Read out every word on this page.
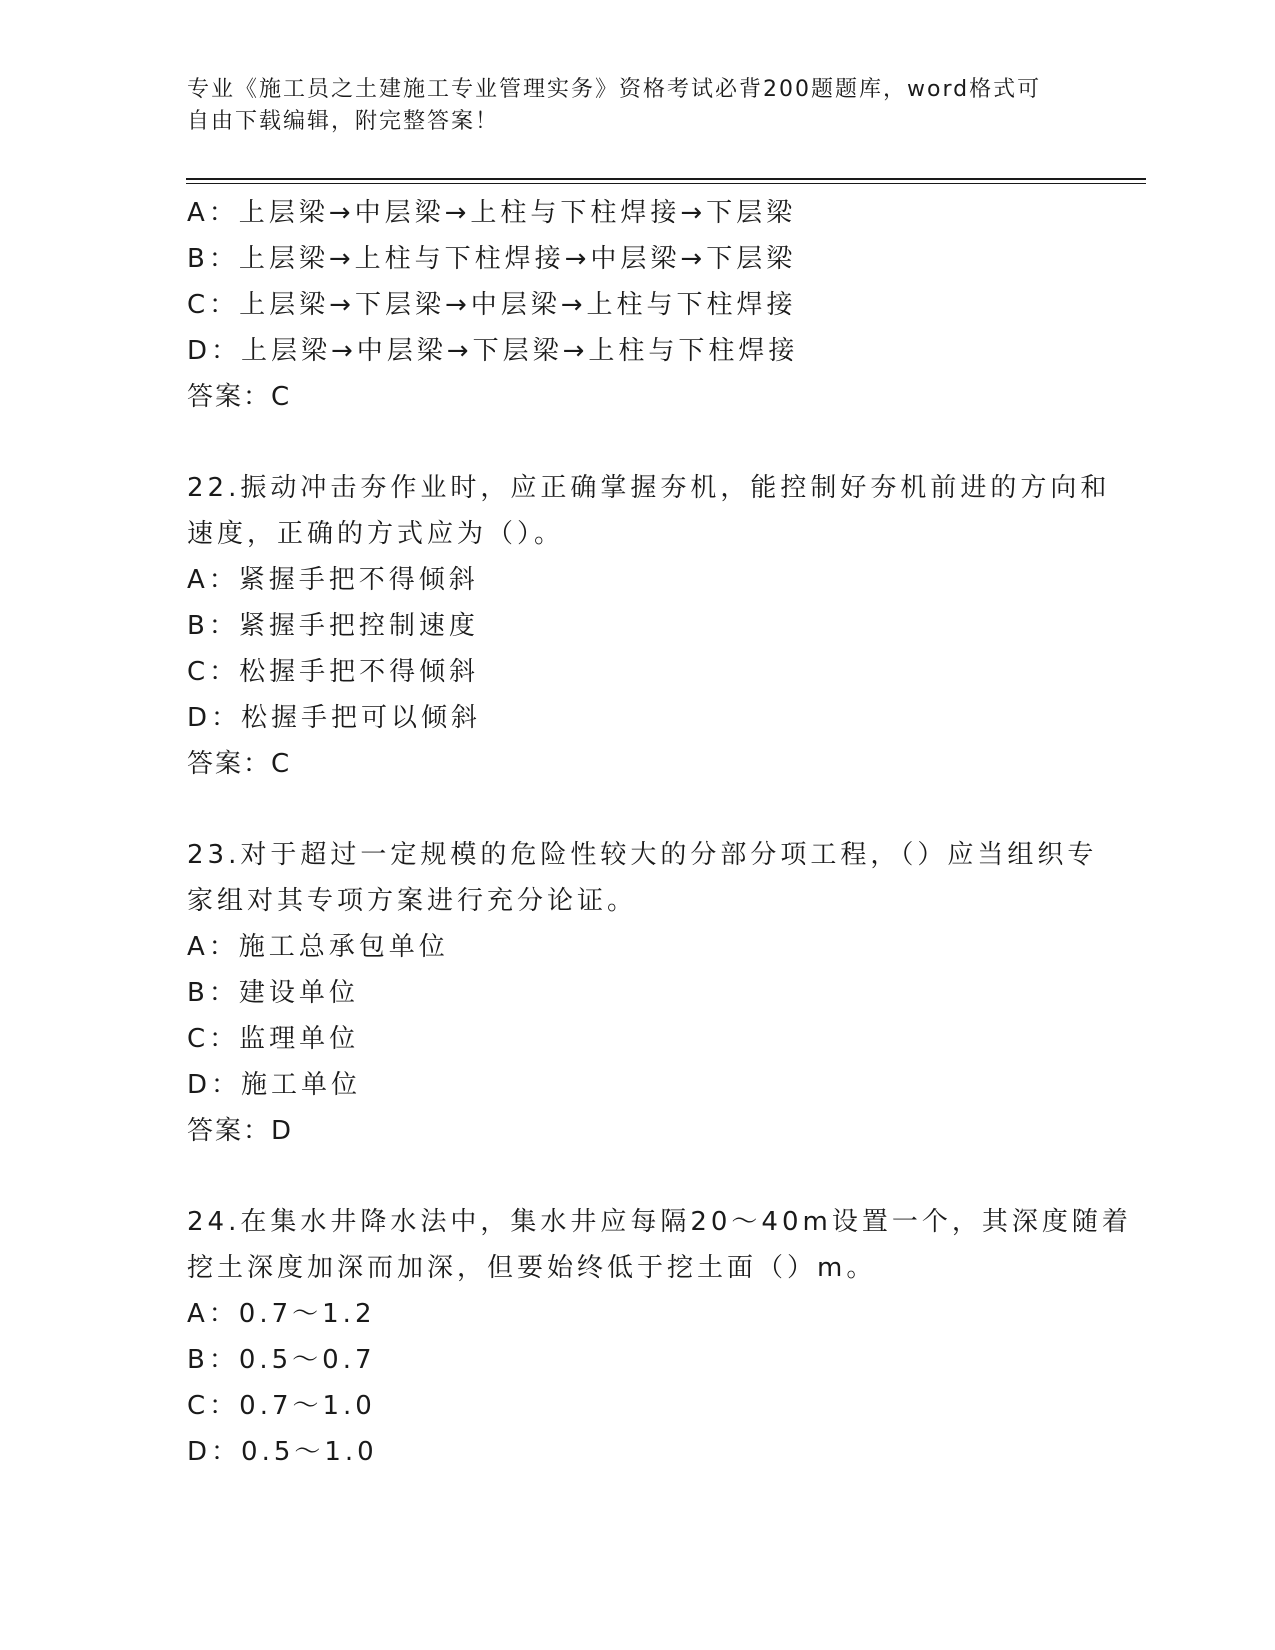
专业《施工员之土建施工专业管理实务》资格考试必背200题题库，word格式可
自由下载编辑，附完整答案！
A：上层梁→中层梁→上柱与下柱焊接→下层梁
B：上层梁→上柱与下柱焊接→中层梁→下层梁
C：上层梁→下层梁→中层梁→上柱与下柱焊接
D：上层梁→中层梁→下层梁→上柱与下柱焊接
答案：C
22.振动冲击夯作业时，应正确掌握夯机，能控制好夯机前进的方向和
速度，正确的方式应为（）。
A：紧握手把不得倾斜
B：紧握手把控制速度
C：松握手把不得倾斜
D：松握手把可以倾斜
答案：C
23.对于超过一定规模的危险性较大的分部分项工程，（）应当组织专
家组对其专项方案进行充分论证。
A：施工总承包单位
B：建设单位
C：监理单位
D：施工单位
答案：D
24.在集水井降水法中，集水井应每隔20～40m设置一个，其深度随着
挖土深度加深而加深，但要始终低于挖土面（）m。
A：0.7～1.2
B：0.5～0.7
C：0.7～1.0
D：0.5～1.0
